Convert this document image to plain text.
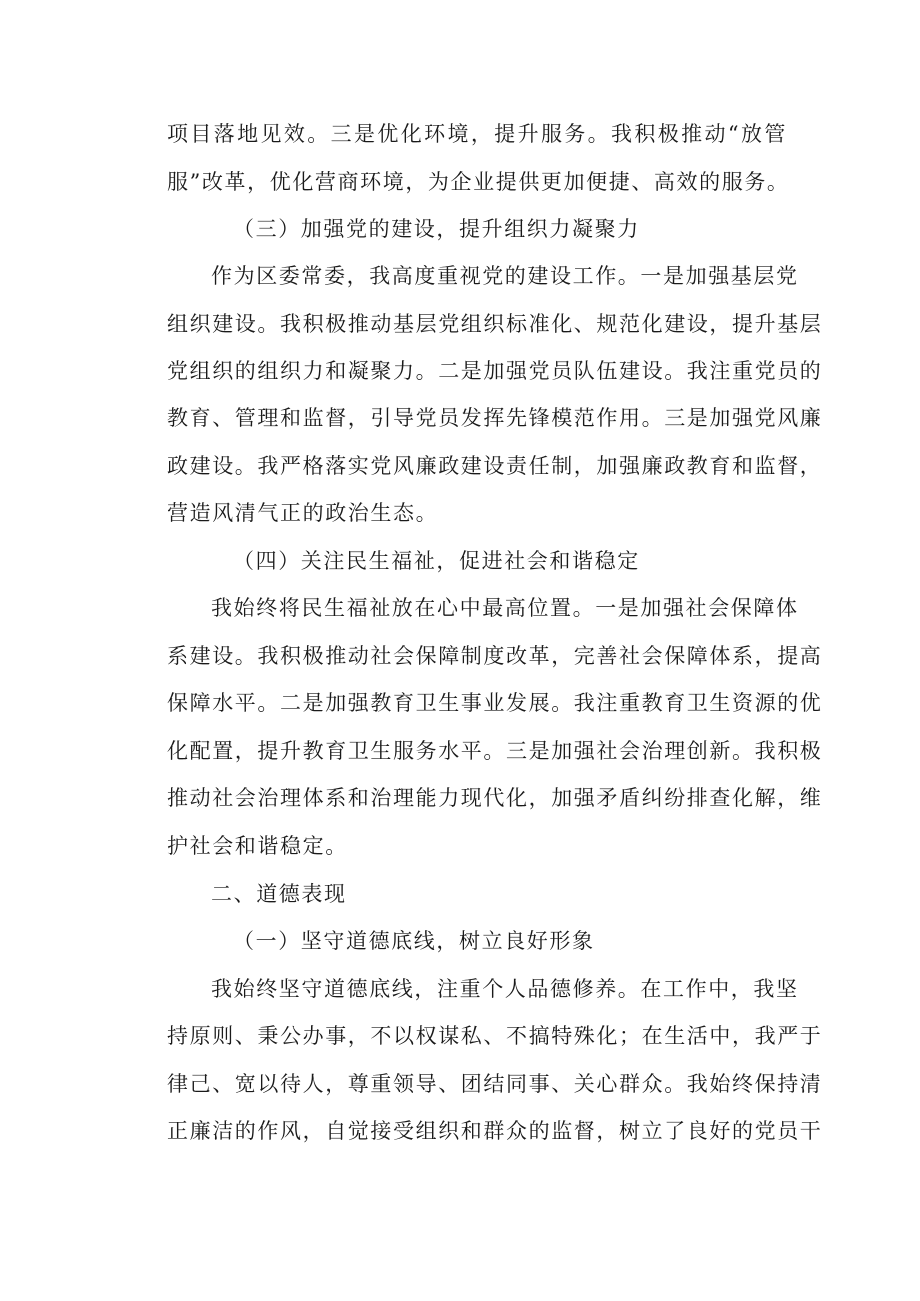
项目落地见效。三是优化环境，提升服务。我积极推动“放管
服”改革，优化营商环境，为企业提供更加便捷、高效的服务。
（三）加强党的建设，提升组织力凝聚力
作为区委常委，我高度重视党的建设工作。一是加强基层党
组织建设。我积极推动基层党组织标准化、规范化建设，提升基层
党组织的组织力和凝聚力。二是加强党员队伍建设。我注重党员的
教育、管理和监督，引导党员发挥先锋模范作用。三是加强党风廉
政建设。我严格落实党风廉政建设责任制，加强廉政教育和监督，
营造风清气正的政治生态。
（四）关注民生福祉，促进社会和谐稳定
我始终将民生福祉放在心中最高位置。一是加强社会保障体
系建设。我积极推动社会保障制度改革，完善社会保障体系，提高
保障水平。二是加强教育卫生事业发展。我注重教育卫生资源的优
化配置，提升教育卫生服务水平。三是加强社会治理创新。我积极
推动社会治理体系和治理能力现代化，加强矛盾纠纷排查化解，维
护社会和谐稳定。
二、道德表现
（一）坚守道德底线，树立良好形象
我始终坚守道德底线，注重个人品德修养。在工作中，我坚
持原则、秉公办事，不以权谋私、不搞特殊化；在生活中，我严于
律己、宽以待人，尊重领导、团结同事、关心群众。我始终保持清
正廉洁的作风，自觉接受组织和群众的监督，树立了良好的党员干
